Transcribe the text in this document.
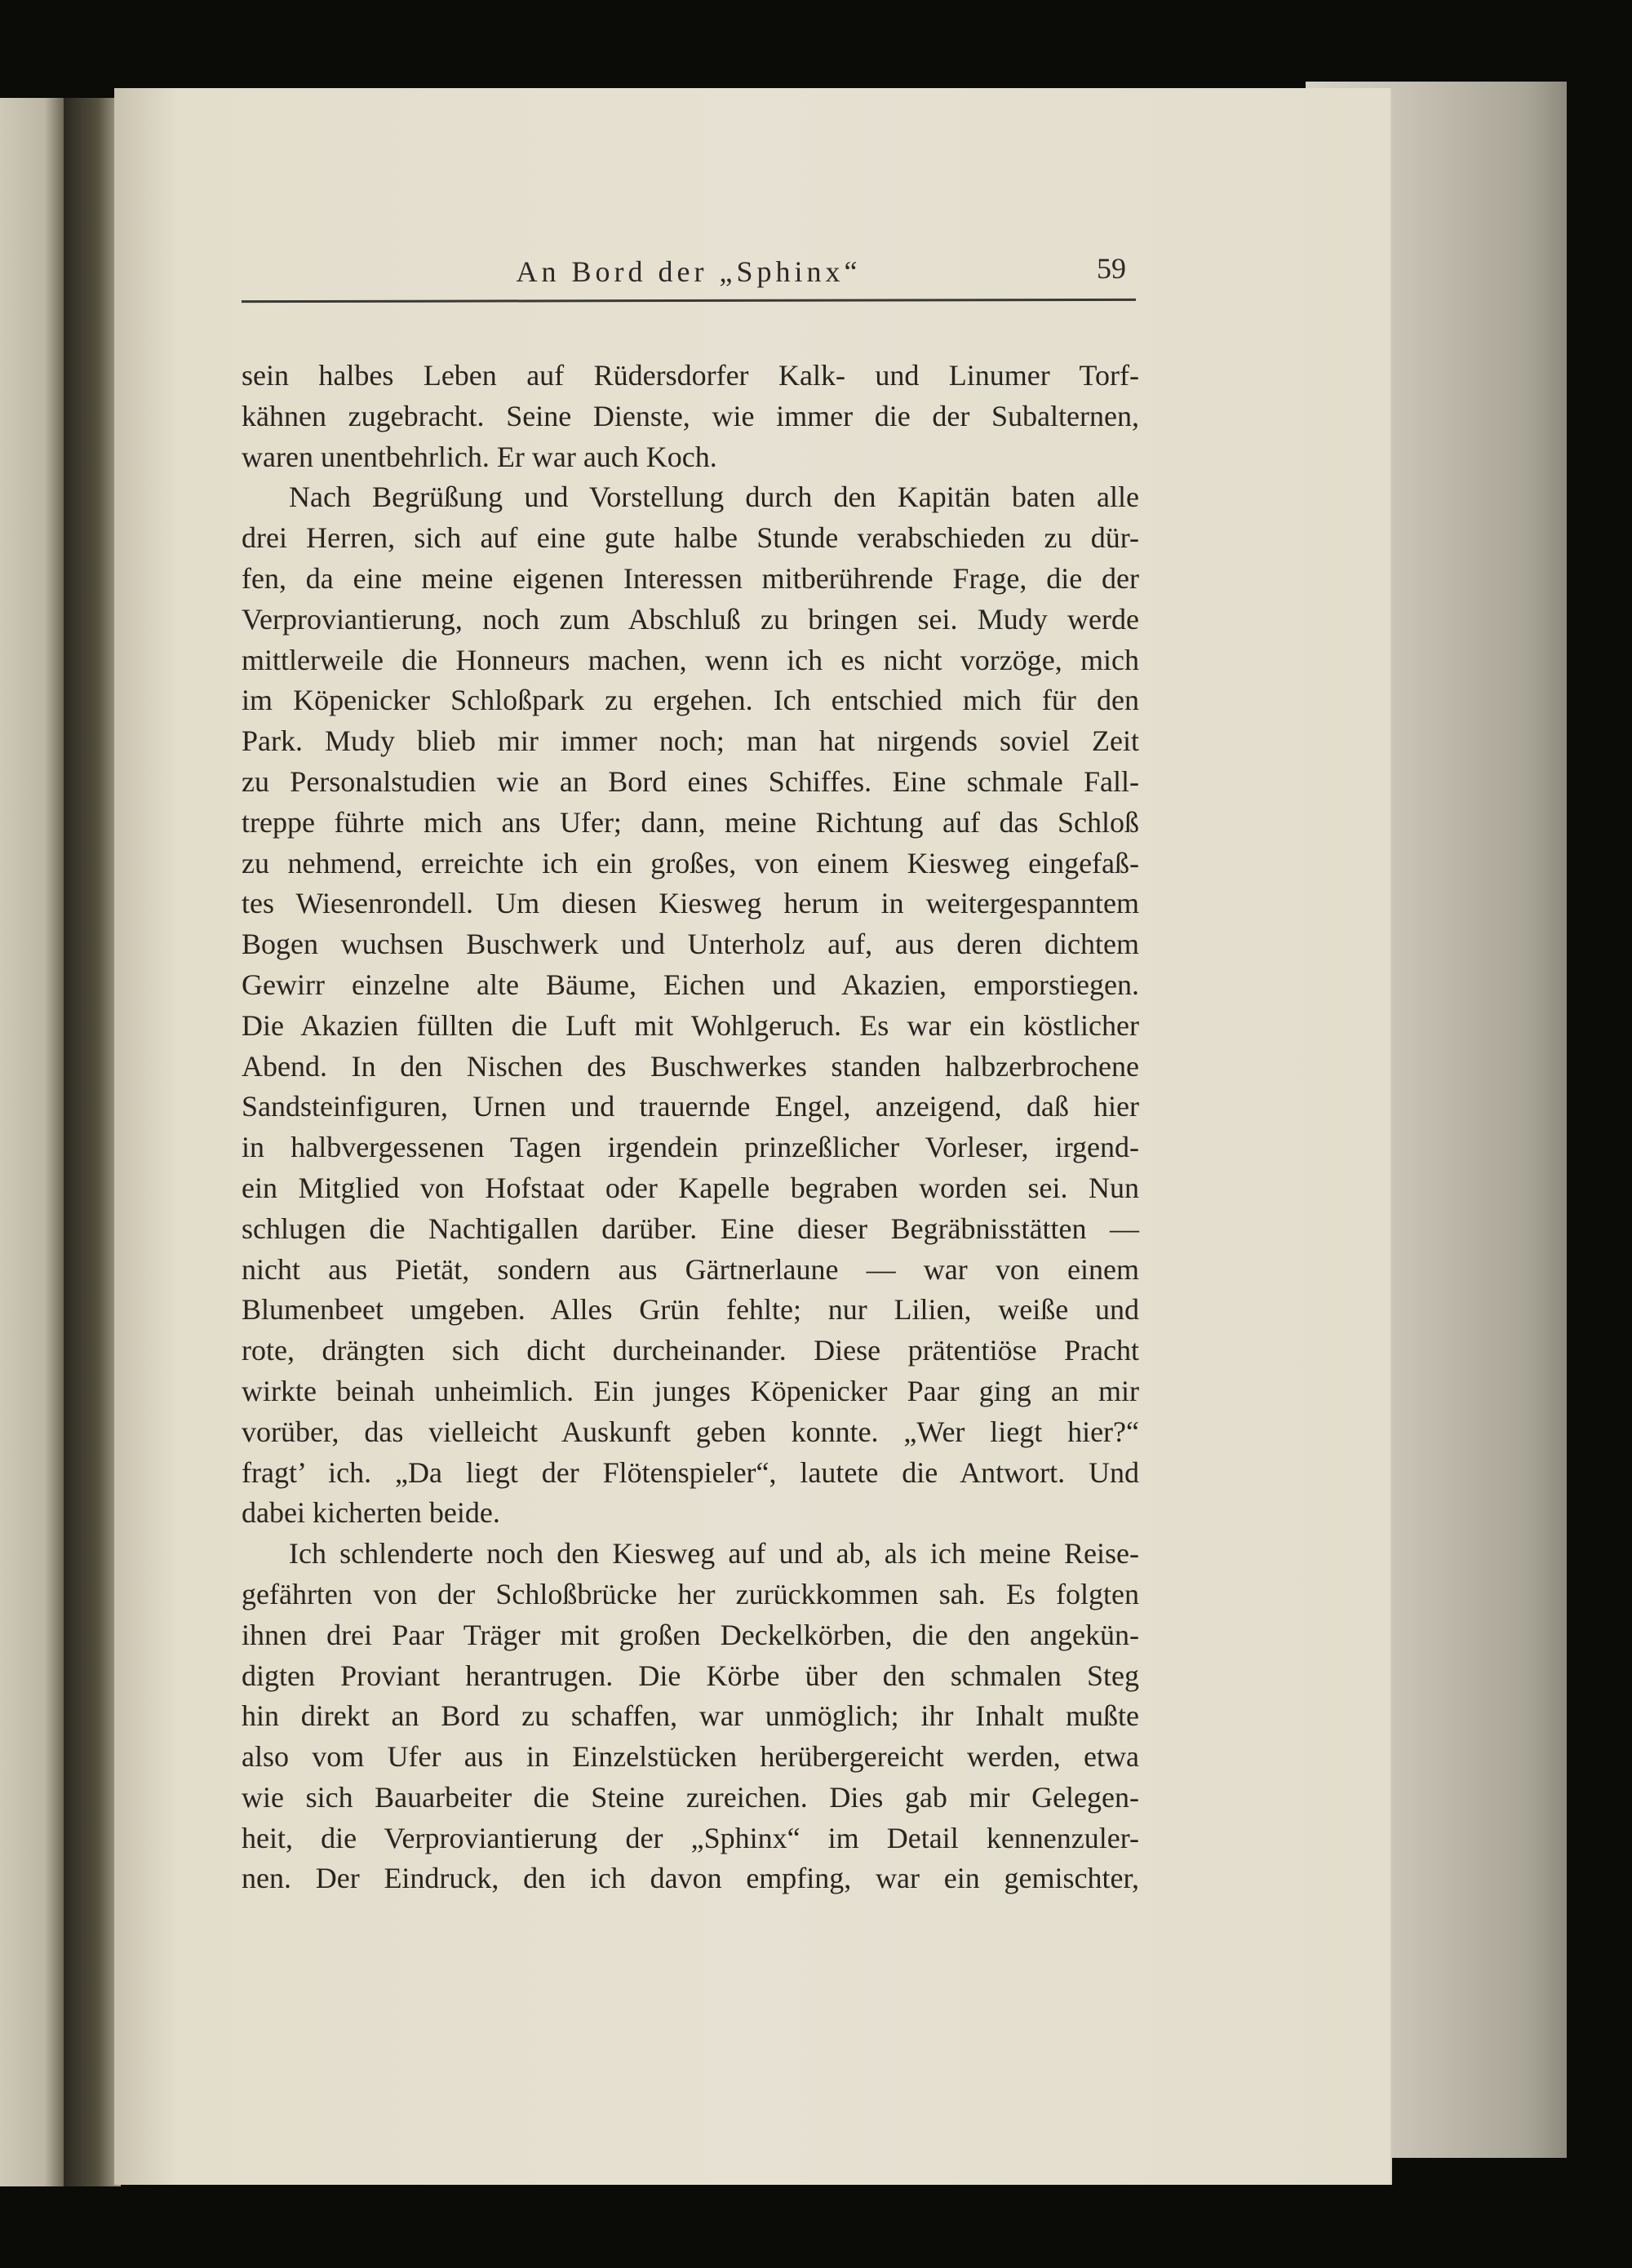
An Bord der „Sphinx“	59
sein halbes Leben auf Rüdersdorfer Kalk- und Linumer Torf-
kähnen zugebracht. Seine Dienste, wie immer die der Subalternen,
waren unentbehrlich. Er war auch Koch.
Nach Begrüßung und Vorstellung durch den Kapitän baten alle
drei Herren, sich auf eine gute halbe Stunde verabschieden zu dür-
fen, da eine meine eigenen Interessen mitberührende Frage, die der
Verproviantierung, noch zum Abschluß zu bringen sei. Mudy werde
mittlerweile die Honneurs machen, wenn ich es nicht vorzöge, mich
im Köpenicker Schloßpark zu ergehen. Ich entschied mich für den
Park. Mudy blieb mir immer noch; man hat nirgends soviel Zeit
zu Personalstudien wie an Bord eines Schiffes. Eine schmale Fall-
treppe führte mich ans Ufer; dann, meine Richtung auf das Schloß
zu nehmend, erreichte ich ein großes, von einem Kiesweg eingefaß-
tes Wiesenrondell. Um diesen Kiesweg herum in weitergespanntem
Bogen wuchsen Buschwerk und Unterholz auf, aus deren dichtem
Gewirr einzelne alte Bäume, Eichen und Akazien, emporstiegen.
Die Akazien füllten die Luft mit Wohlgeruch. Es war ein köstlicher
Abend. In den Nischen des Buschwerkes standen halbzerbrochene
Sandsteinfiguren, Urnen und trauernde Engel, anzeigend, daß hier
in halbvergessenen Tagen irgendein prinzeßlicher Vorleser, irgend-
ein Mitglied von Hofstaat oder Kapelle begraben worden sei. Nun
schlugen die Nachtigallen darüber. Eine dieser Begräbnisstätten —
nicht aus Pietät, sondern aus Gärtnerlaune — war von einem
Blumenbeet umgeben. Alles Grün fehlte; nur Lilien, weiße und
rote, drängten sich dicht durcheinander. Diese prätentiöse Pracht
wirkte beinah unheimlich. Ein junges Köpenicker Paar ging an mir
vorüber, das vielleicht Auskunft geben konnte. „Wer liegt hier?“
fragt’ ich. „Da liegt der Flötenspieler“, lautete die Antwort. Und
dabei kicherten beide.
Ich schlenderte noch den Kiesweg auf und ab, als ich meine Reise-
gefährten von der Schloßbrücke her zurückkommen sah. Es folgten
ihnen drei Paar Träger mit großen Deckelkörben, die den angekün-
digten Proviant herantrugen. Die Körbe über den schmalen Steg
hin direkt an Bord zu schaffen, war unmöglich; ihr Inhalt mußte
also vom Ufer aus in Einzelstücken herübergereicht werden, etwa
wie sich Bauarbeiter die Steine zureichen. Dies gab mir Gelegen-
heit, die Verproviantierung der „Sphinx“ im Detail kennenzuler-
nen. Der Eindruck, den ich davon empfing, war ein gemischter,
